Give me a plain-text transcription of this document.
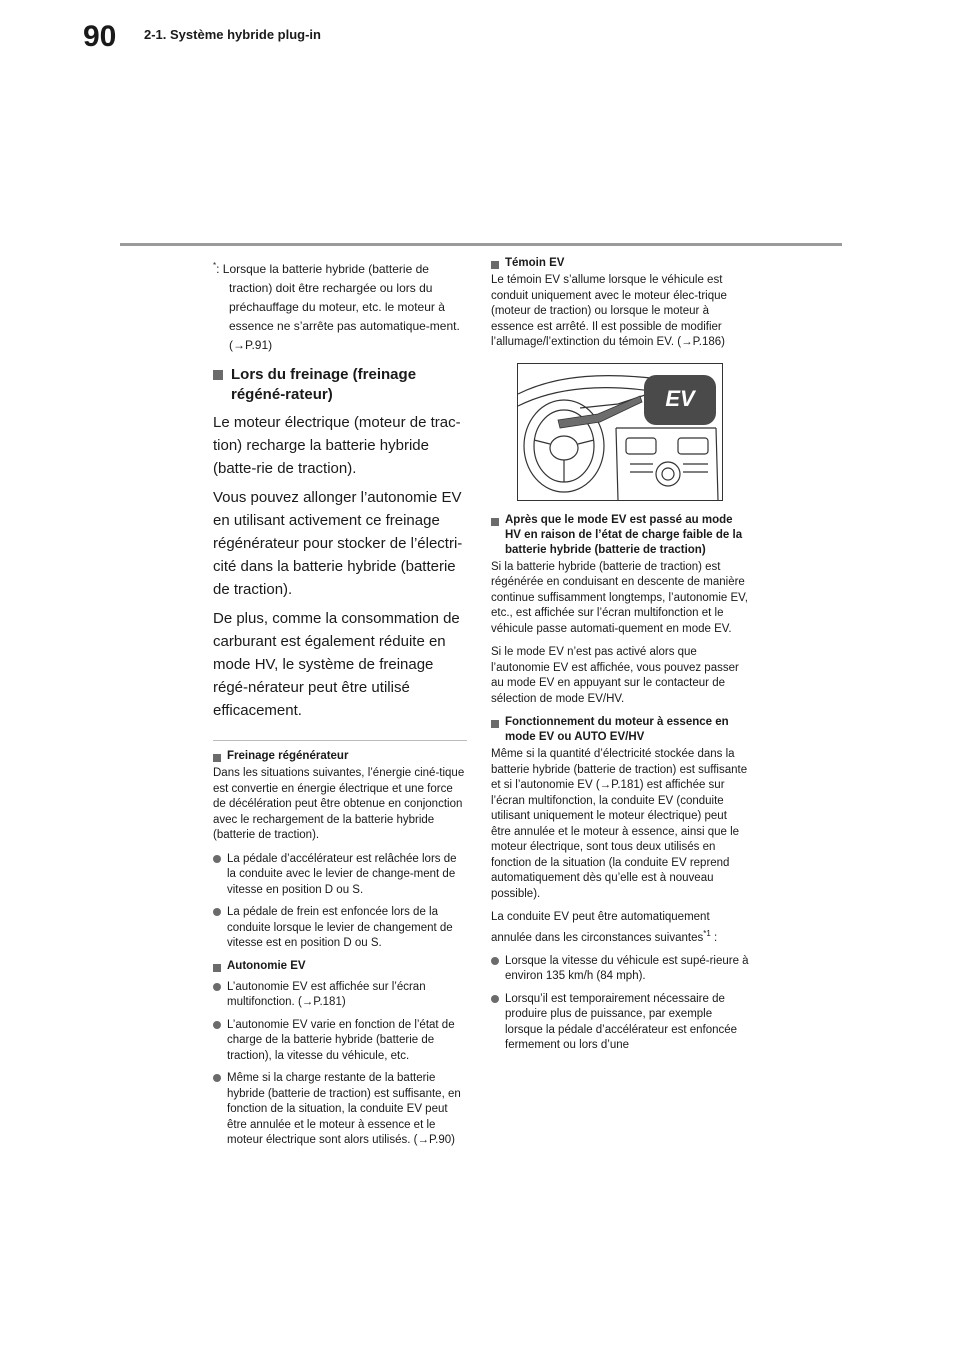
90 2-1. Système hybride plug-in

*: Lorsque la batterie hybride (batterie de traction) doit être rechargée ou lors du préchauffage du moteur, etc. le moteur à essence ne s’arrête pas automatique-ment. (→P.91)

Lors du freinage (freinage régéné-rateur)

Le moteur électrique (moteur de trac-tion) recharge la batterie hybride (batte-rie de traction).

Vous pouvez allonger l’autonomie EV en utilisant activement ce freinage régénérateur pour stocker de l’électri-cité dans la batterie hybride (batterie de traction).

De plus, comme la consommation de carburant est également réduite en mode HV, le système de freinage régé-nérateur peut être utilisé efficacement.

Freinage régénérateur

Dans les situations suivantes, l’énergie ciné-tique est convertie en énergie électrique et une force de décélération peut être obtenue en conjonction avec le rechargement de la batterie hybride (batterie de traction).

La pédale d’accélérateur est relâchée lors de la conduite avec le levier de change-ment de vitesse en position D ou S.
La pédale de frein est enfoncée lors de la conduite lorsque le levier de changement de vitesse est en position D ou S.
Autonomie EV
L’autonomie EV est affichée sur l’écran multifonction. (→P.181)
L’autonomie EV varie en fonction de l’état de charge de la batterie hybride (batterie de traction), la vitesse du véhicule, etc.
Même si la charge restante de la batterie hybride (batterie de traction) est suffisante, en fonction de la situation, la conduite EV peut être annulée et le moteur à essence et le moteur électrique sont alors utilisés. (→P.90)
Témoin EV

Le témoin EV s’allume lorsque le véhicule est conduit uniquement avec le moteur élec-trique (moteur de traction) ou lorsque le moteur à essence est arrêté. Il est possible de modifier l’allumage/l’extinction du témoin EV. (→P.186)

EV
Après que le mode EV est passé au mode HV en raison de l’état de charge faible de la batterie hybride (batterie de traction)

Si la batterie hybride (batterie de traction) est régénérée en conduisant en descente de manière continue suffisamment longtemps, l’autonomie EV, etc., est affichée sur l’écran multifonction et le véhicule passe automati-quement en mode EV.

Si le mode EV n’est pas activé alors que l’autonomie EV est affichée, vous pouvez passer au mode EV en appuyant sur le contacteur de sélection de mode EV/HV.

Fonctionnement du moteur à essence en mode EV ou AUTO EV/HV

Même si la quantité d’électricité stockée dans la batterie hybride (batterie de traction) est suffisante et si l’autonomie EV (→P.181) est affichée sur l’écran multifonction, la conduite EV (conduite utilisant uniquement le moteur électrique) peut être annulée et le moteur à essence, ainsi que le moteur électrique, sont tous deux utilisés en fonction de la situation (la conduite EV reprend automatiquement dès qu’elle est à nouveau possible).

La conduite EV peut être automatiquement annulée dans les circonstances suivantes$^{*1}$ :

Lorsque la vitesse du véhicule est supé-rieure à environ 135 km/h (84 mph).
Lorsqu’il est temporairement nécessaire de produire plus de puissance, par exemple lorsque la pédale d’accélérateur est enfoncée fermement ou lors d’une
